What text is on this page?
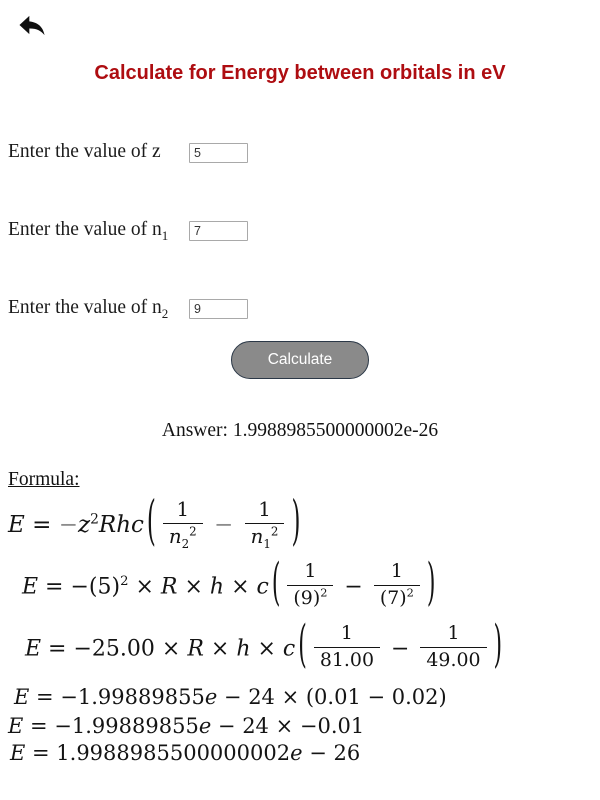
Calculate for Energy between orbitals in eV
Enter the value of z
5
Enter the value of $n_1$
7
Enter the value of $n_2$
9
Calculate
Answer: 1.9988985500000002e-26
Formula:
$E = -z^2Rhc$ ( $\frac{1}{n_2^2} - \frac{1}{n_1^2}$ )
$E = -(5)^2 \times R \times h \times c$ ( $\frac{1}{(9)^2} - \frac{1}{(7)^2}$ )
E = −25.00 × R × h × c ( $\frac{1}{81.00} - \frac{1}{49.00}$ )
E = −1.99889855e − 24 × (0.01 − 0.02)
E = −1.99889855e − 24 × −0.01
E = 1.9988985500000002e − 26
